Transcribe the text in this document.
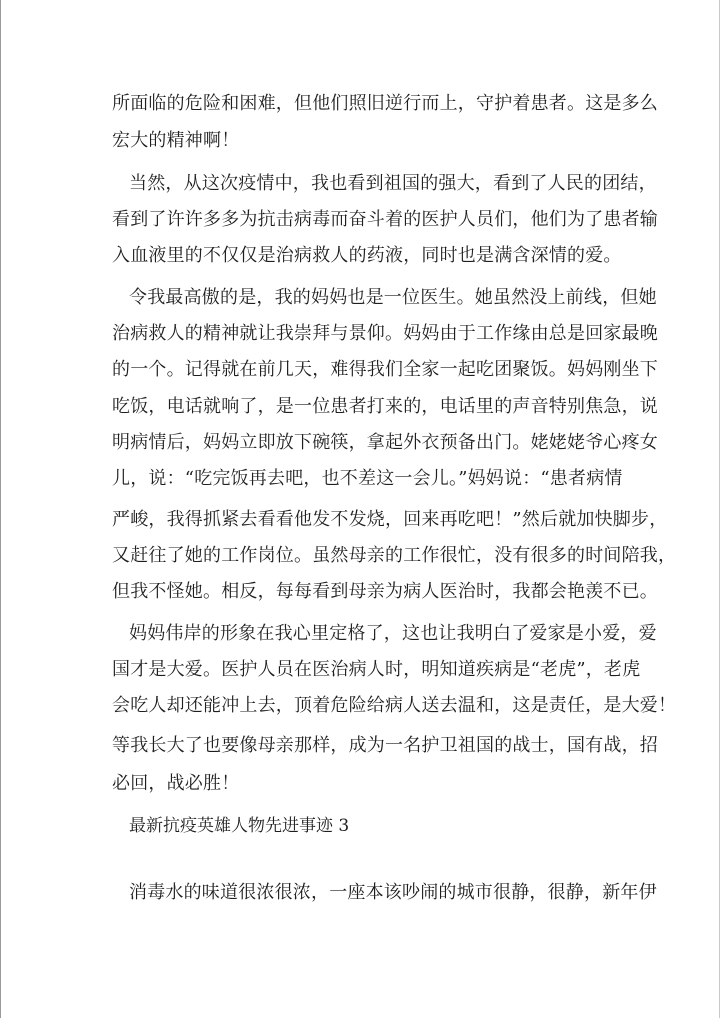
所面临的危险和困难，但他们照旧逆行而上，守护着患者。这是多么
宏大的精神啊！
当然，从这次疫情中，我也看到祖国的强大，看到了人民的团结，
看到了许许多多为抗击病毒而奋斗着的医护人员们，他们为了患者输
入血液里的不仅仅是治病救人的药液，同时也是满含深情的爱。
令我最高傲的是，我的妈妈也是一位医生。她虽然没上前线，但她
治病救人的精神就让我崇拜与景仰。妈妈由于工作缘由总是回家最晚
的一个。记得就在前几天，难得我们全家一起吃团聚饭。妈妈刚坐下
吃饭，电话就响了，是一位患者打来的，电话里的声音特别焦急，说
明病情后，妈妈立即放下碗筷，拿起外衣预备出门。姥姥姥爷心疼女
儿，说：“吃完饭再去吧，也不差这一会儿。”妈妈说：“患者病情
严峻，我得抓紧去看看他发不发烧，回来再吃吧！”然后就加快脚步，
又赶往了她的工作岗位。虽然母亲的工作很忙，没有很多的时间陪我，
但我不怪她。相反，每每看到母亲为病人医治时，我都会艳羡不已。
妈妈伟岸的形象在我心里定格了，这也让我明白了爱家是小爱，爱
国才是大爱。医护人员在医治病人时，明知道疾病是“老虎”，老虎
会吃人却还能冲上去，顶着危险给病人送去温和，这是责任，是大爱！
等我长大了也要像母亲那样，成为一名护卫祖国的战士，国有战，招
必回，战必胜！
最新抗疫英雄人物先进事迹 3
消毒水的味道很浓很浓，一座本该吵闹的城市很静，很静，新年伊
